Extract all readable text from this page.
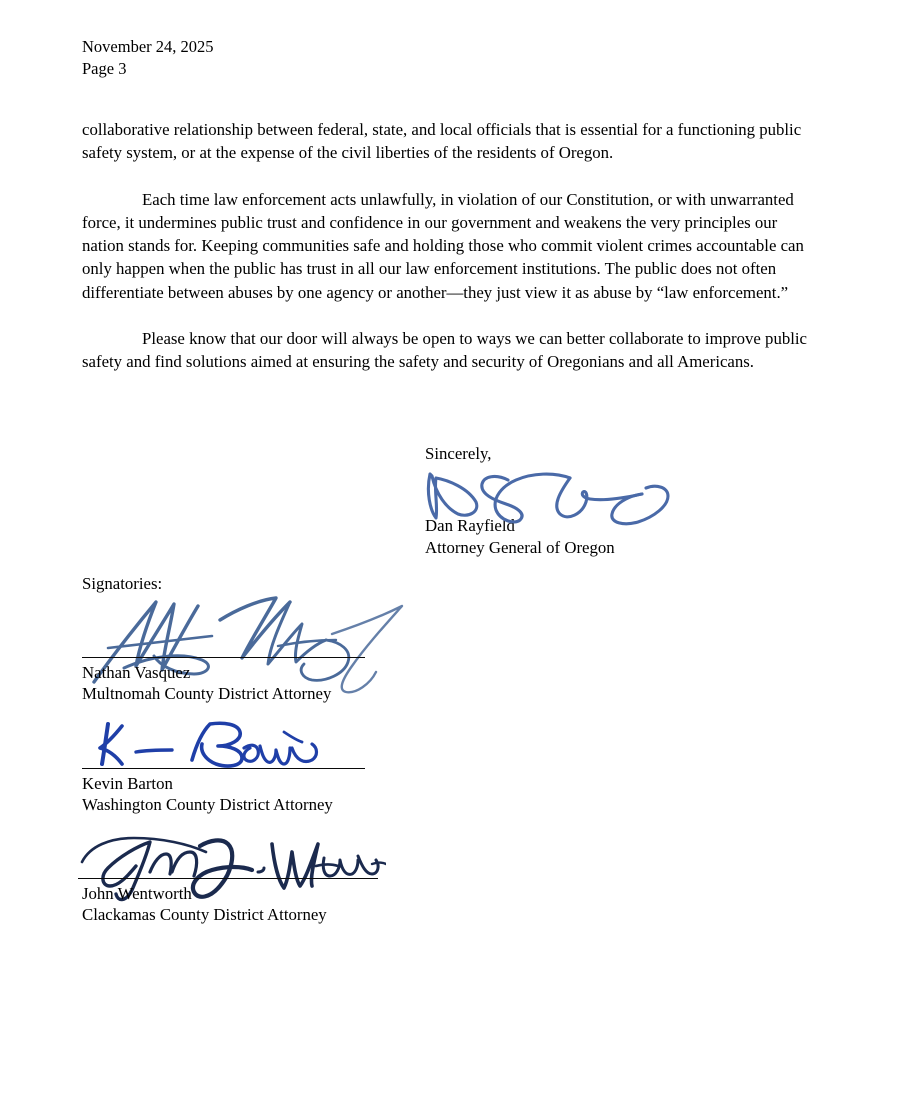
November 24, 2025
Page 3

collaborative relationship between federal, state, and local officials that is essential for a functioning public safety system, or at the expense of the civil liberties of the residents of Oregon.

Each time law enforcement acts unlawfully, in violation of our Constitution, or with unwarranted force, it undermines public trust and confidence in our government and weakens the very principles our nation stands for. Keeping communities safe and holding those who commit violent crimes accountable can only happen when the public has trust in all our law enforcement institutions. The public does not often differentiate between abuses by one agency or another—they just view it as abuse by “law enforcement.”

Please know that our door will always be open to ways we can better collaborate to improve public safety and find solutions aimed at ensuring the safety and security of Oregonians and all Americans.

Sincerely,
Dan Rayfield
Attorney General of Oregon
Signatories:
Nathan Vasquez
Multnomah County District Attorney
Kevin Barton
Washington County District Attorney
John Wentworth
Clackamas County District Attorney
